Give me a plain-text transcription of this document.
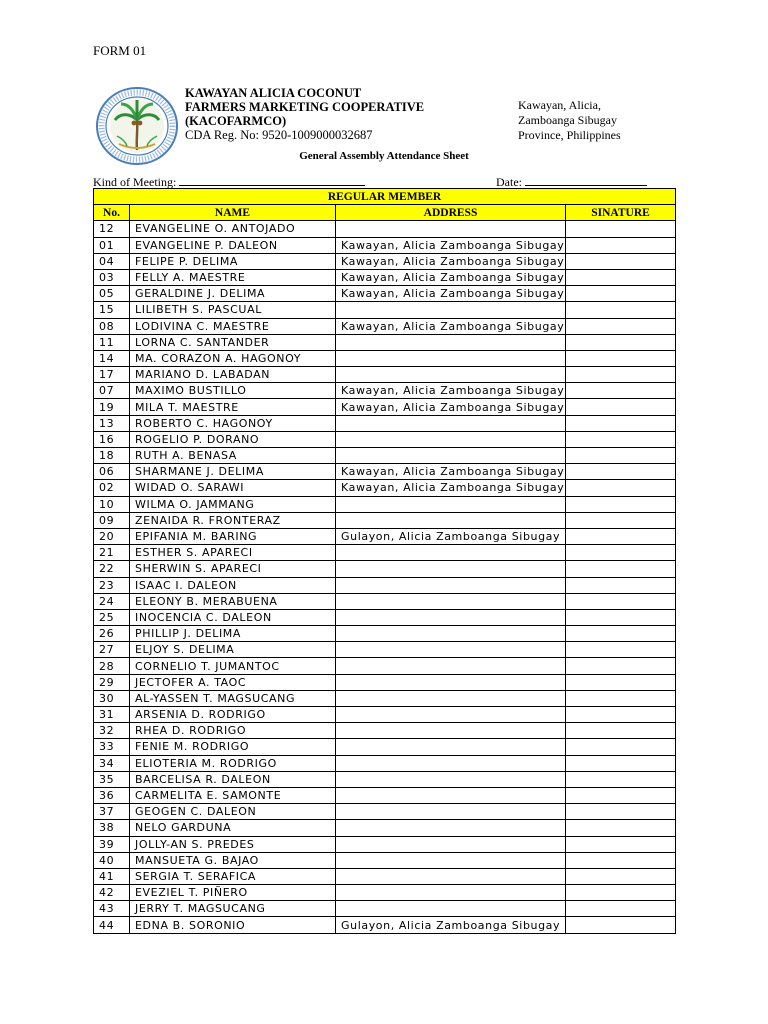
FORM 01
KAWAYAN ALICIA COCONUT
FARMERS MARKETING COOPERATIVE
(KACOFARMCO)
CDA Reg. No: 9520-1009000032687
Kawayan, Alicia,
Zamboanga Sibugay
Province, Philippines
General Assembly Attendance Sheet
Kind of Meeting:	Date:
REGULAR MEMBER			
No.	NAME	ADDRESS	SINATURE
12	EVANGELINE O. ANTOJADO		
01	EVANGELINE P. DALEON	Kawayan, Alicia Zamboanga Sibugay	
04	FELIPE P. DELIMA	Kawayan, Alicia Zamboanga Sibugay	
03	FELLY A. MAESTRE	Kawayan, Alicia Zamboanga Sibugay	
05	GERALDINE J. DELIMA	Kawayan, Alicia Zamboanga Sibugay	
15	LILIBETH S. PASCUAL		
08	LODIVINA C. MAESTRE	Kawayan, Alicia Zamboanga Sibugay	
11	LORNA C. SANTANDER		
14	MA. CORAZON A. HAGONOY		
17	MARIANO D. LABADAN		
07	MAXIMO BUSTILLO	Kawayan, Alicia Zamboanga Sibugay	
19	MILA T. MAESTRE	Kawayan, Alicia Zamboanga Sibugay	
13	ROBERTO C. HAGONOY		
16	ROGELIO P. DORANO		
18	RUTH A. BENASA		
06	SHARMANE J. DELIMA	Kawayan, Alicia Zamboanga Sibugay	
02	WIDAD O. SARAWI	Kawayan, Alicia Zamboanga Sibugay	
10	WILMA O. JAMMANG		
09	ZENAIDA R. FRONTERAZ		
20	EPIFANIA M. BARING	Gulayon, Alicia Zamboanga Sibugay	
21	ESTHER S. APARECI		
22	SHERWIN S. APARECI		
23	ISAAC I. DALEON		
24	ELEONY B. MERABUENA		
25	INOCENCIA C. DALEON		
26	PHILLIP J. DELIMA		
27	ELJOY S. DELIMA		
28	CORNELIO T. JUMANTOC		
29	JECTOFER A. TAOC		
30	AL-YASSEN T. MAGSUCANG		
31	ARSENIA D. RODRIGO		
32	RHEA D. RODRIGO		
33	FENIE M. RODRIGO		
34	ELIOTERIA M. RODRIGO		
35	BARCELISA R. DALEON		
36	CARMELITA E. SAMONTE		
37	GEOGEN C. DALEON		
38	NELO GARDUNA		
39	JOLLY-AN S. PREDES		
40	MANSUETA G. BAJAO		
41	SERGIA T. SERAFICA		
42	EVEZIEL T. PIÑERO		
43	JERRY T. MAGSUCANG		
44	EDNA B. SORONIO	Gulayon, Alicia Zamboanga Sibugay	
